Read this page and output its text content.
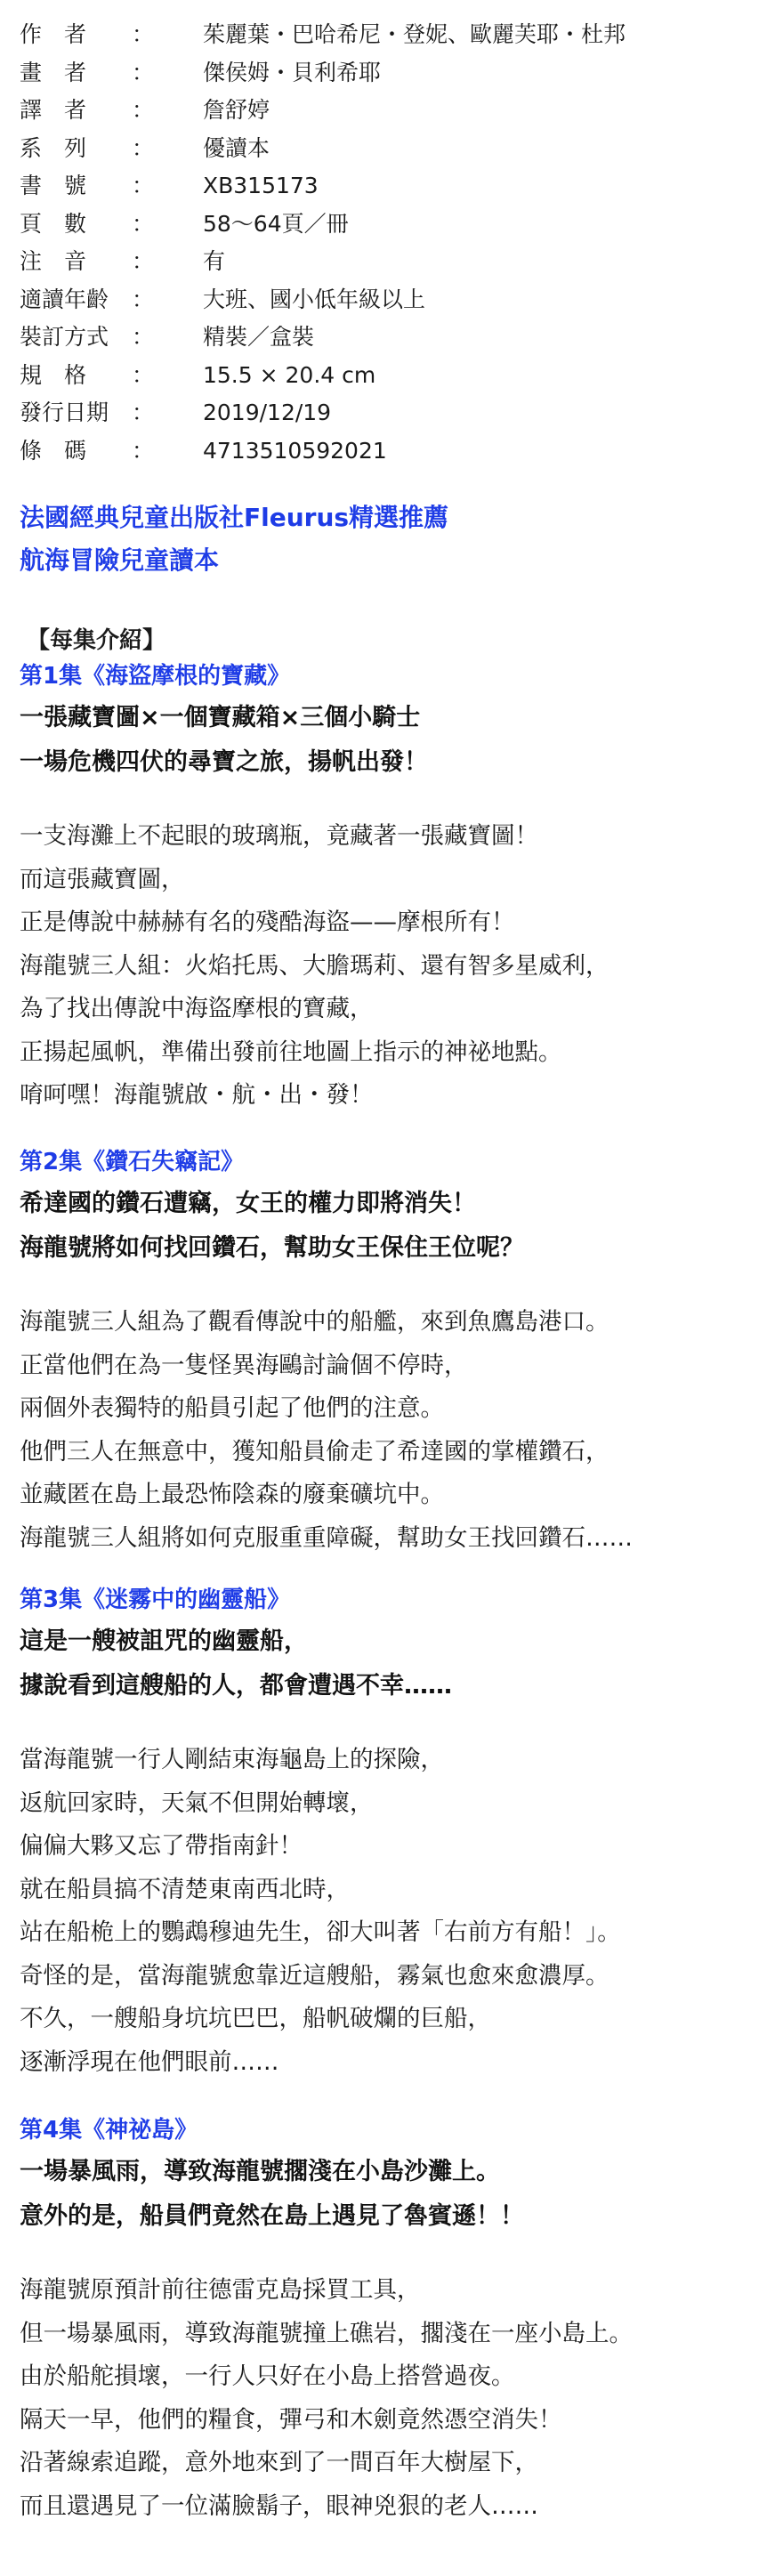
作　者	：	茱麗葉・巴哈希尼・登妮、歐麗芙耶・杜邦
畫　者	：	傑侯姆・貝利希耶
譯　者	：	詹舒婷
系　列	：	優讀本
書　號	：	XB315173
頁　數	：	58～64頁／冊
注　音	：	有
適讀年齡	：	大班、國小低年級以上
裝訂方式	：	精裝／盒裝
規　格	：	15.5 × 20.4 cm
發行日期	：	2019/12/19
條　碼	：	4713510592021
法國經典兒童出版社Fleurus精選推薦
航海冒險兒童讀本
【每集介紹】
第1集《海盜摩根的寶藏》
一張藏寶圖×一個寶藏箱×三個小騎士
一場危機四伏的尋寶之旅，揚帆出發！
一支海灘上不起眼的玻璃瓶，竟藏著一張藏寶圖！
而這張藏寶圖，
正是傳說中赫赫有名的殘酷海盜——摩根所有！
海龍號三人組：火焰托馬、大膽瑪莉、還有智多星威利，
為了找出傳說中海盜摩根的寶藏，
正揚起風帆，準備出發前往地圖上指示的神祕地點。
唷呵嘿！海龍號啟・航・出・發！
第2集《鑽石失竊記》
希達國的鑽石遭竊，女王的權力即將消失！
海龍號將如何找回鑽石，幫助女王保住王位呢？
海龍號三人組為了觀看傳說中的船艦，來到魚鷹島港口。
正當他們在為一隻怪異海鷗討論個不停時，
兩個外表獨特的船員引起了他們的注意。
他們三人在無意中，獲知船員偷走了希達國的掌權鑽石，
並藏匿在島上最恐怖陰森的廢棄礦坑中。
海龍號三人組將如何克服重重障礙，幫助女王找回鑽石……
第3集《迷霧中的幽靈船》
這是一艘被詛咒的幽靈船，
據說看到這艘船的人，都會遭遇不幸……
當海龍號一行人剛結束海龜島上的探險，
返航回家時，天氣不但開始轉壞，
偏偏大夥又忘了帶指南針！
就在船員搞不清楚東南西北時，
站在船桅上的鸚鵡穆迪先生，卻大叫著「右前方有船！」。
奇怪的是，當海龍號愈靠近這艘船，霧氣也愈來愈濃厚。
不久，一艘船身坑坑巴巴，船帆破爛的巨船，
逐漸浮現在他們眼前……
第4集《神祕島》
一場暴風雨，導致海龍號擱淺在小島沙灘上。
意外的是，船員們竟然在島上遇見了魯賓遜！！
海龍號原預計前往德雷克島採買工具，
但一場暴風雨，導致海龍號撞上礁岩，擱淺在一座小島上。
由於船舵損壞，一行人只好在小島上搭營過夜。
隔天一早，他們的糧食，彈弓和木劍竟然憑空消失！
沿著線索追蹤，意外地來到了一間百年大樹屋下，
而且還遇見了一位滿臉鬍子，眼神兇狠的老人……
